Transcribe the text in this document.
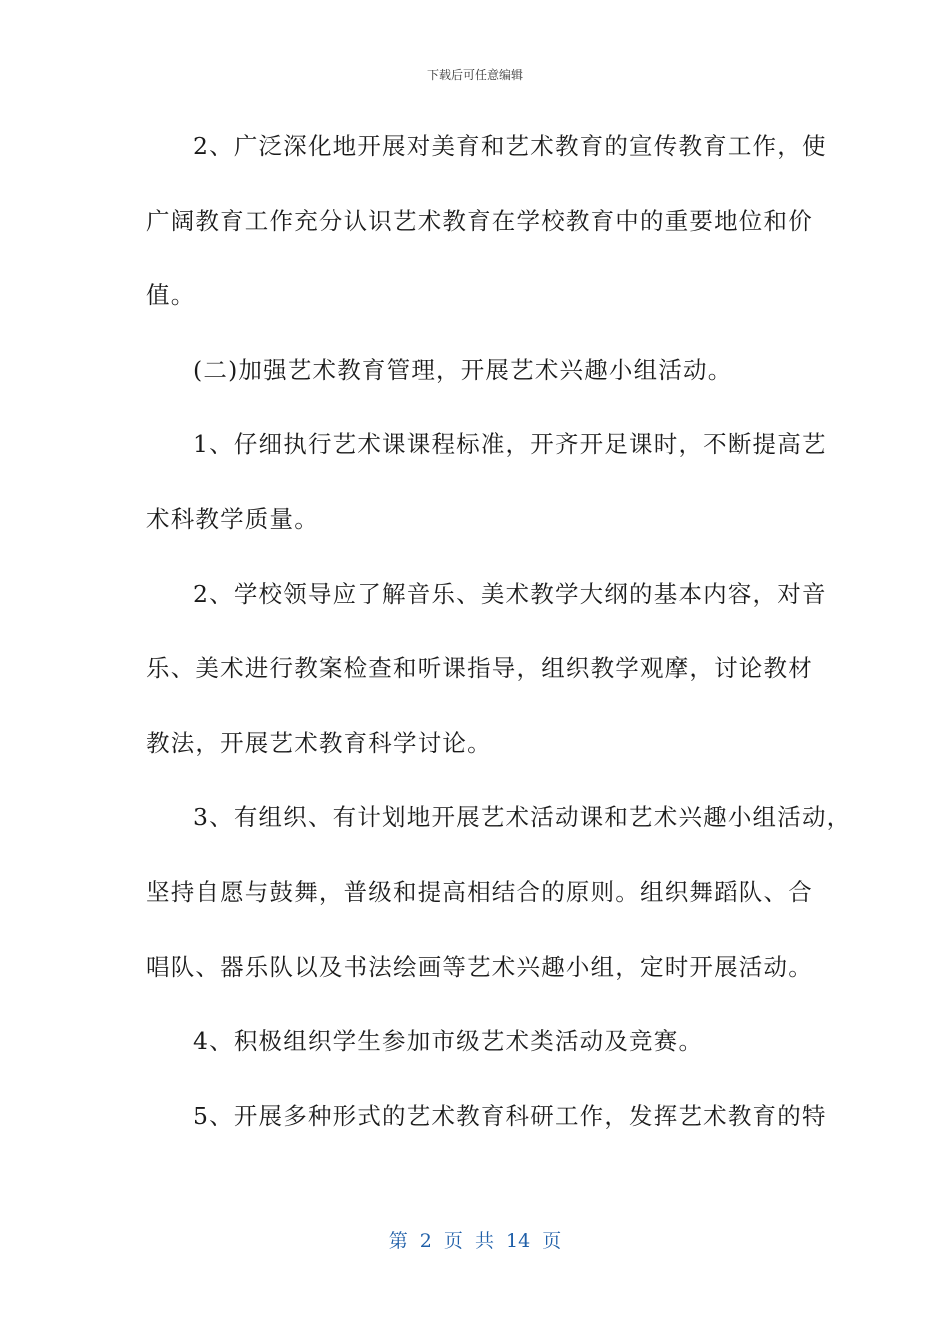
下载后可任意编辑
2、广泛深化地开展对美育和艺术教育的宣传教育工作，使
广阔教育工作充分认识艺术教育在学校教育中的重要地位和价
值。
(二)加强艺术教育管理，开展艺术兴趣小组活动。
1、仔细执行艺术课课程标准，开齐开足课时，不断提高艺
术科教学质量。
2、学校领导应了解音乐、美术教学大纲的基本内容，对音
乐、美术进行教案检查和听课指导，组织教学观摩，讨论教材
教法，开展艺术教育科学讨论。
3、有组织、有计划地开展艺术活动课和艺术兴趣小组活动，
坚持自愿与鼓舞，普级和提高相结合的原则。组织舞蹈队、合
唱队、器乐队以及书法绘画等艺术兴趣小组，定时开展活动。
4、积极组织学生参加市级艺术类活动及竞赛。
5、开展多种形式的艺术教育科研工作，发挥艺术教育的特
第 2 页 共 14 页
